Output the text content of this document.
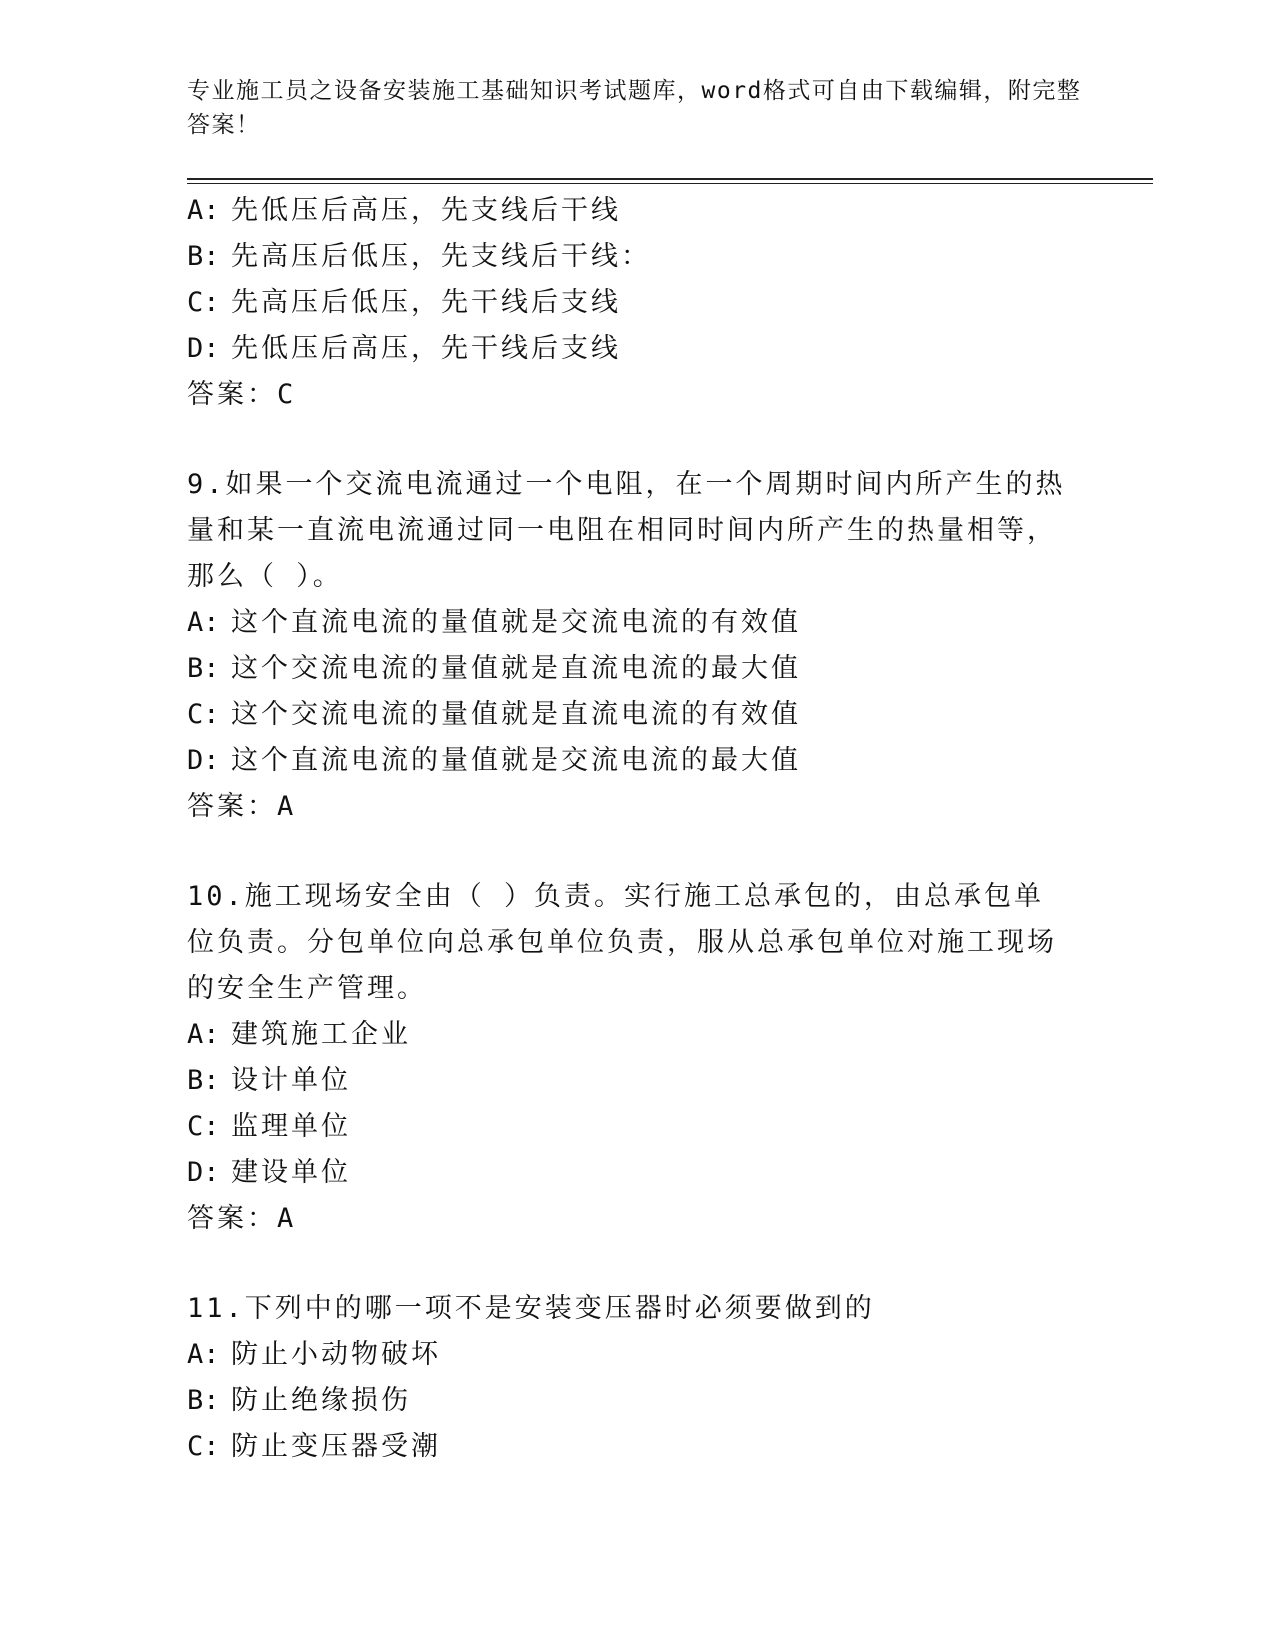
专业施工员之设备安装施工基础知识考试题库，word格式可自由下载编辑，附完整答案！
A: 先低压后高压，先支线后干线
B: 先高压后低压，先支线后干线：
C: 先高压后低压，先干线后支线
D: 先低压后高压，先干线后支线
答案：C
9.如果一个交流电流通过一个电阻，在一个周期时间内所产生的热量和某一直流电流通过同一电阻在相同时间内所产生的热量相等，那么（ ）。
A: 这个直流电流的量值就是交流电流的有效值
B: 这个交流电流的量值就是直流电流的最大值
C: 这个交流电流的量值就是直流电流的有效值
D: 这个直流电流的量值就是交流电流的最大值
答案：A
10.施工现场安全由（ ）负责。实行施工总承包的，由总承包单位负责。分包单位向总承包单位负责，服从总承包单位对施工现场的安全生产管理。
A: 建筑施工企业
B: 设计单位
C: 监理单位
D: 建设单位
答案：A
11.下列中的哪一项不是安装变压器时必须要做到的
A: 防止小动物破坏
B: 防止绝缘损伤
C: 防止变压器受潮
